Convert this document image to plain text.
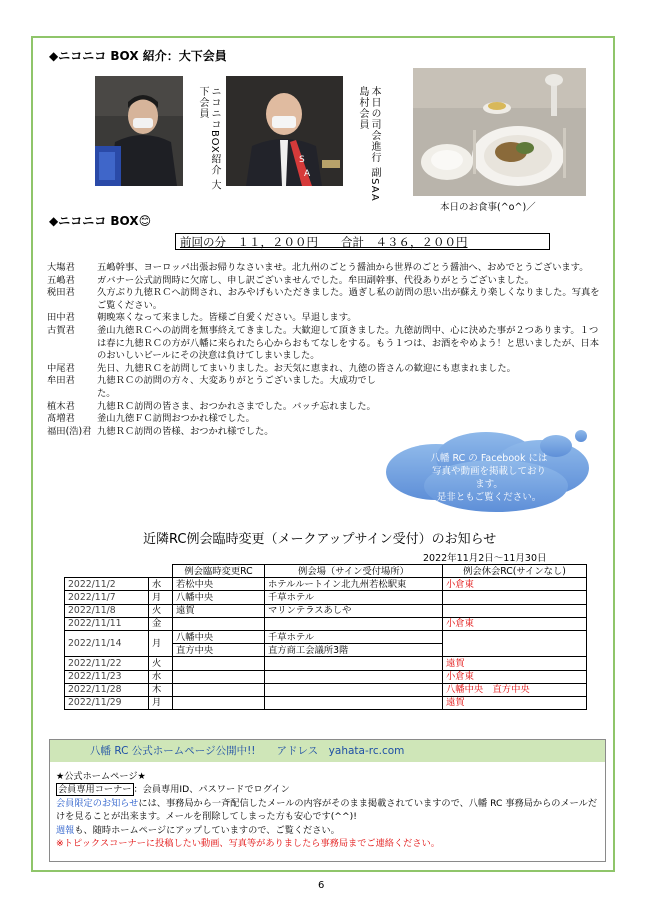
◆ニコニコ BOX 紹介：大下会員
ニコニコBOX紹介 大下会員
S
A	本日の司会進行 副SAA 島村会員
本日のお食事(^o^)／
◆ニコニコ BOX😊
前回の分　１１，２００円　　合計　４３６，２００円
大塲君	五嶋幹事、ヨーロッパ出張お帰りなさいませ。北九州のごとう醤油から世界のごとう醤油へ、おめでとうございます。
五嶋君	ガバナー公式訪問時に欠席し、申し訳ございませんでした。牟田副幹事、代役ありがとうございました。
税田君	久方ぶり九徳ＲＣへ訪問され、おみやげもいただきました。過ぎし私の訪問の思い出が蘇えり楽しくなりました。写真をご覧ください。
田中君	朝晩寒くなって来ました。皆様ご自愛ください。早退します。
古賀君	釜山九徳ＲＣへの訪問を無事終えてきました。大歓迎して頂きました。九徳訪問中、心に決めた事が２つあります。１つは春に九徳ＲＣの方が八幡に来られたら心からおもてなしをする。もう１つは、お酒をやめよう！と思いましたが、日本のおいしいビールにその決意は負けてしまいました。
中尾君	先日、九徳ＲＣを訪問してまいりました。お天気に恵まれ、九徳の皆さんの歓迎にも恵まれました。
牟田君	九徳ＲＣの訪問の方々、大変ありがとうございました。大成功でした。
植木君	九徳ＲＣ訪問の皆さま、おつかれさまでした。バッチ忘れました。
髙増君	釜山九徳ＦＣ訪問おつかれ様でした。
福田(浩)君 九徳ＲＣ訪問の皆様、おつかれ様でした。
八幡 RC の Facebook には
写真や動画を掲載しており
ます。
是非ともご覧ください。
近隣RC例会臨時変更（メークアップサイン受付）のお知らせ
2022年11月2日～11月30日
		例会臨時変更RC	例会場（サイン受付場所）	例会休会RC(サインなし)
2022/11/2	水	若松中央	ホテルルートイン北九州若松駅東	小倉東
2022/11/7	月	八幡中央	千草ホテル	
2022/11/8	火	遠賀	マリンテラスあしや	
2022/11/11	金			小倉東
2022/11/14	月	八幡中央	千草ホテル	
		直方中央	直方商工会議所3階	
2022/11/22	火			遠賀
2022/11/23	水			小倉東
2022/11/28	木			八幡中央　直方中央
2022/11/29	月			遠賀
八幡 RC 公式ホームページ公開中!!　　アドレス　yahata-rc.com
★公式ホームページ★
会員専用コーナー ：会員専用ID、パスワードでログイン
会員限定のお知らせには、事務局から一斉配信したメールの内容がそのまま掲載されていますので、八幡 RC 事務局からのメールだけを見ることが出来ます。メールを削除してしまった方も安心です(^^)!
週報も、随時ホームページにアップしていますので、ご覧ください。
※トピックスコーナーに投稿したい動画、写真等がありましたら事務局までご連絡ください。
6
